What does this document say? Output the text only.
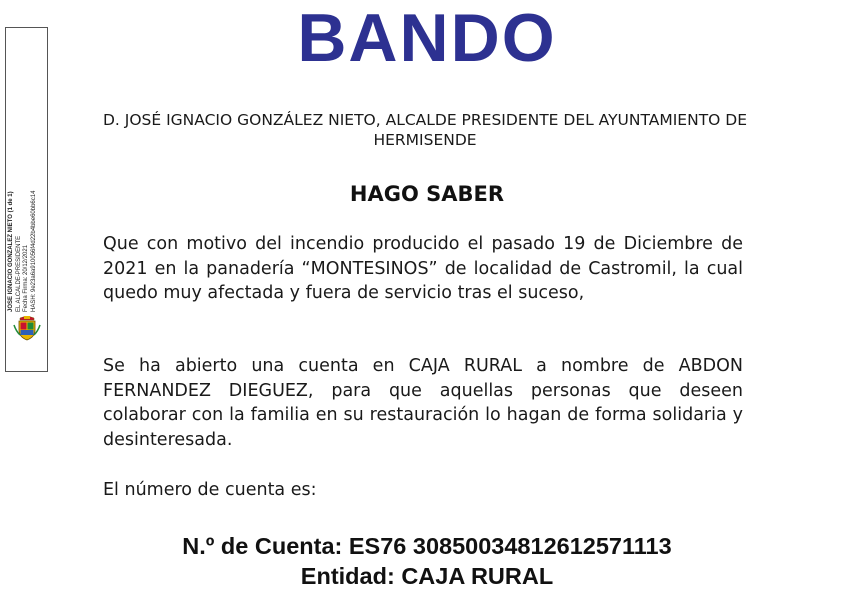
JOSE IGNACIO GONZALEZ NIETO (1 de 1) EL ALCALDE-PRESIDENTE Fecha Firma: 20/12/2021 HASH: 9e23a6a910056f4d22b4bbe60bb6c14
BANDO
D. JOSÉ IGNACIO GONZÁLEZ NIETO, ALCALDE PRESIDENTE DEL AYUNTAMIENTO DE HERMISENDE
HAGO SABER
Que con motivo del incendio producido el pasado 19 de Diciembre de 2021 en la panadería “MONTESINOS” de localidad de Castromil, la cual quedo muy afectada y fuera de servicio tras el suceso,
Se ha abierto una cuenta en CAJA RURAL a nombre de ABDON FERNANDEZ DIEGUEZ, para que aquellas personas que deseen colaborar con la familia en su restauración lo hagan de forma solidaria y desinteresada.
El número de cuenta es:
N.º de Cuenta: ES76 30850034812612571113
Entidad: CAJA RURAL
